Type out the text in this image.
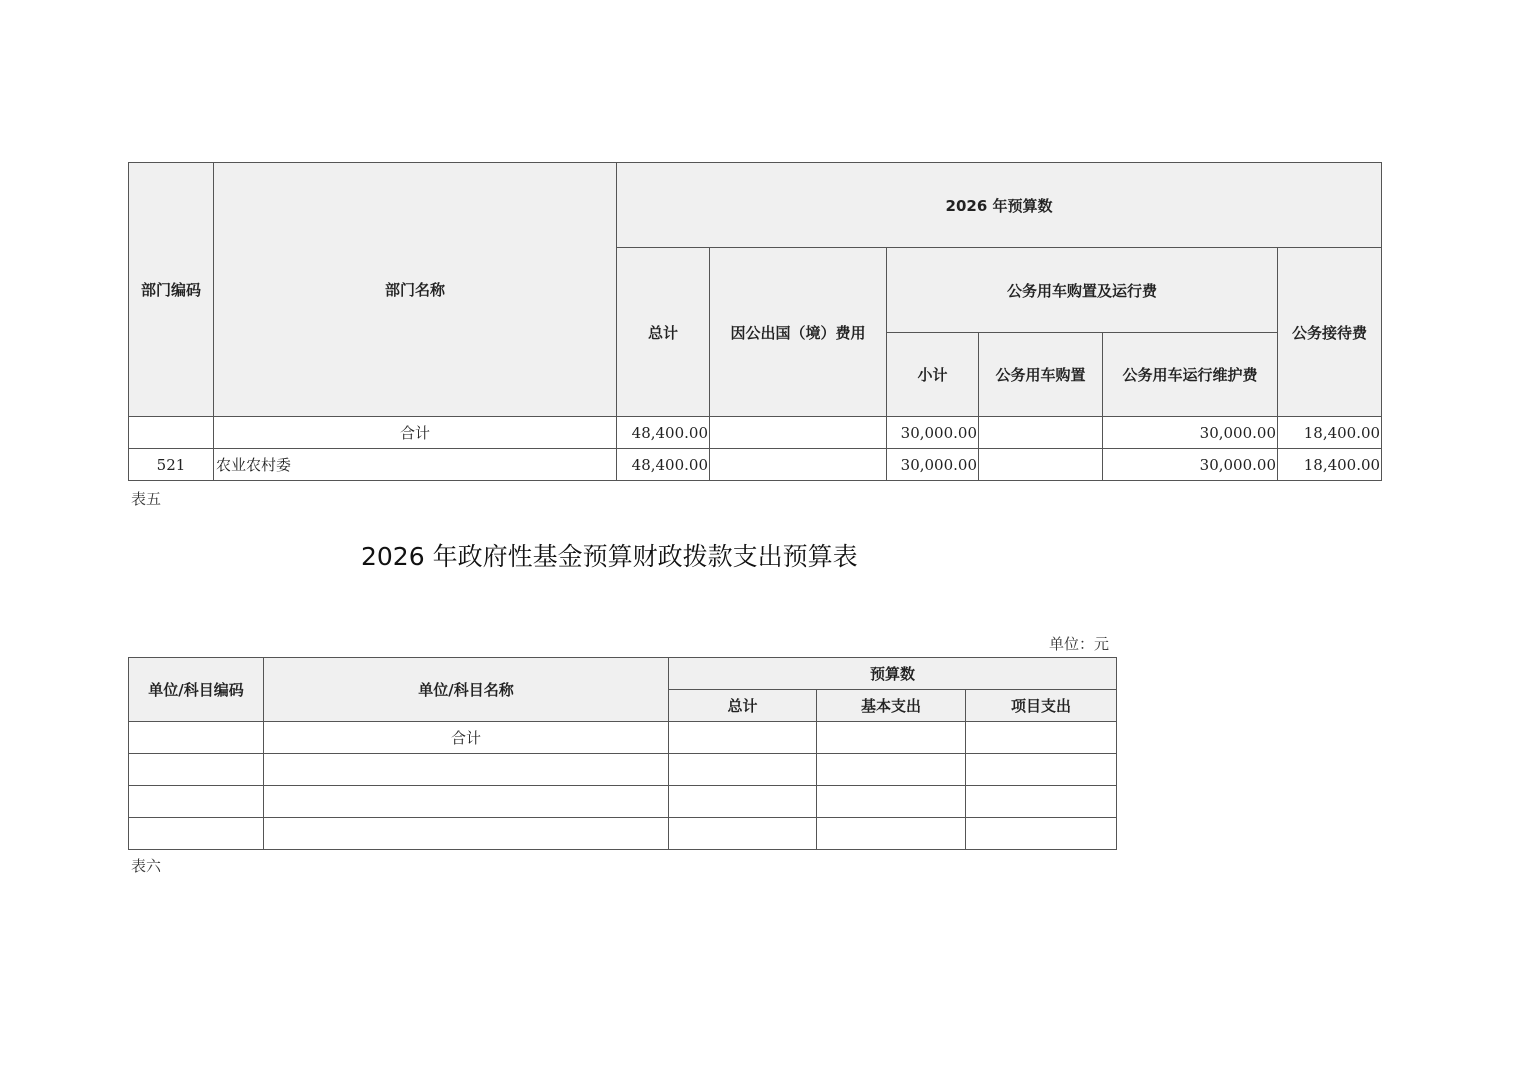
部门编码	部门名称	2026 年预算数					
		总计	因公出国（境）费用	公务用车购置及运行费			公务接待费
				小计	公务用车购置	公务用车运行维护费	
	合计	48,400.00		30,000.00		30,000.00	18,400.00
521	农业农村委	48,400.00		30,000.00		30,000.00	18,400.00
表五
2026 年政府性基金预算财政拨款支出预算表
单位：元
单位/科目编码	单位/科目名称	预算数		
		总计	基本支出	项目支出
	合计			

表六
